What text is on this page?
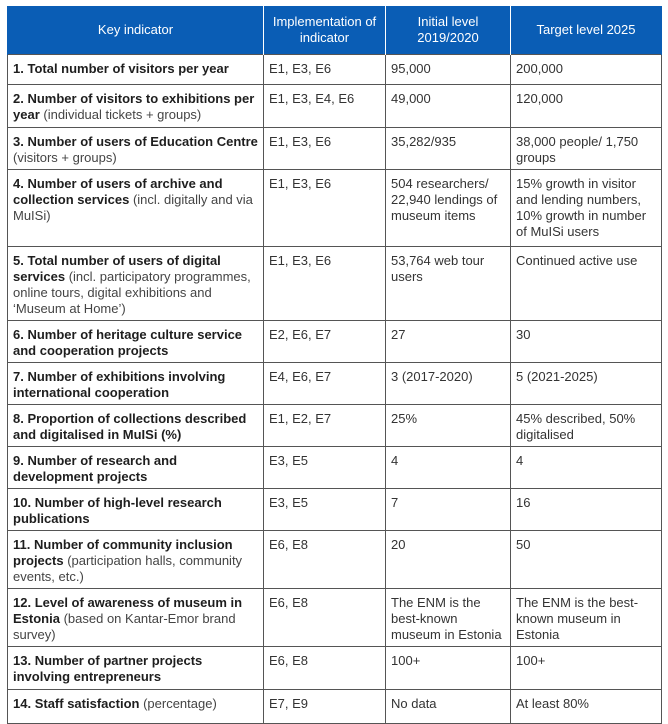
Key indicator	Implementation of indicator	Initial level 2019/2020	Target level 2025
1. Total number of visitors per year	E1, E3, E6	95,000	200,000
2. Number of visitors to exhibitions per year (individual tickets + groups)	E1, E3, E4, E6	49,000	120,000
3. Number of users of Education Centre (visitors + groups)	E1, E3, E6	35,282/935	38,000 people/ 1,750 groups
4. Number of users of archive and collection services (incl. digitally and via MuISi)	E1, E3, E6	504 researchers/ 22,940 lendings of museum items	15% growth in visitor and lending numbers, 10% growth in number of MuISi users
5. Total number of users of digital services (incl. participatory programmes, online tours, digital exhibitions and ‘Museum at Home’)	E1, E3, E6	53,764 web tour users	Continued active use
6. Number of heritage culture service and cooperation projects	E2, E6, E7	27	30
7. Number of exhibitions involving international cooperation	E4, E6, E7	3 (2017-2020)	5 (2021-2025)
8. Proportion of collections described and digitalised in MuISi (%)	E1, E2, E7	25%	45% described, 50% digitalised
9. Number of research and development projects	E3, E5	4	4
10. Number of high-level research publications	E3, E5	7	16
11. Number of community inclusion projects (participation halls, community events, etc.)	E6, E8	20	50
12. Level of awareness of museum in Estonia (based on Kantar-Emor brand survey)	E6, E8	The ENM is the best-known museum in Estonia	The ENM is the best-known museum in Estonia
13. Number of partner projects involving entrepreneurs	E6, E8	100+	100+
14. Staff satisfaction (percentage)	E7, E9	No data	At least 80%
